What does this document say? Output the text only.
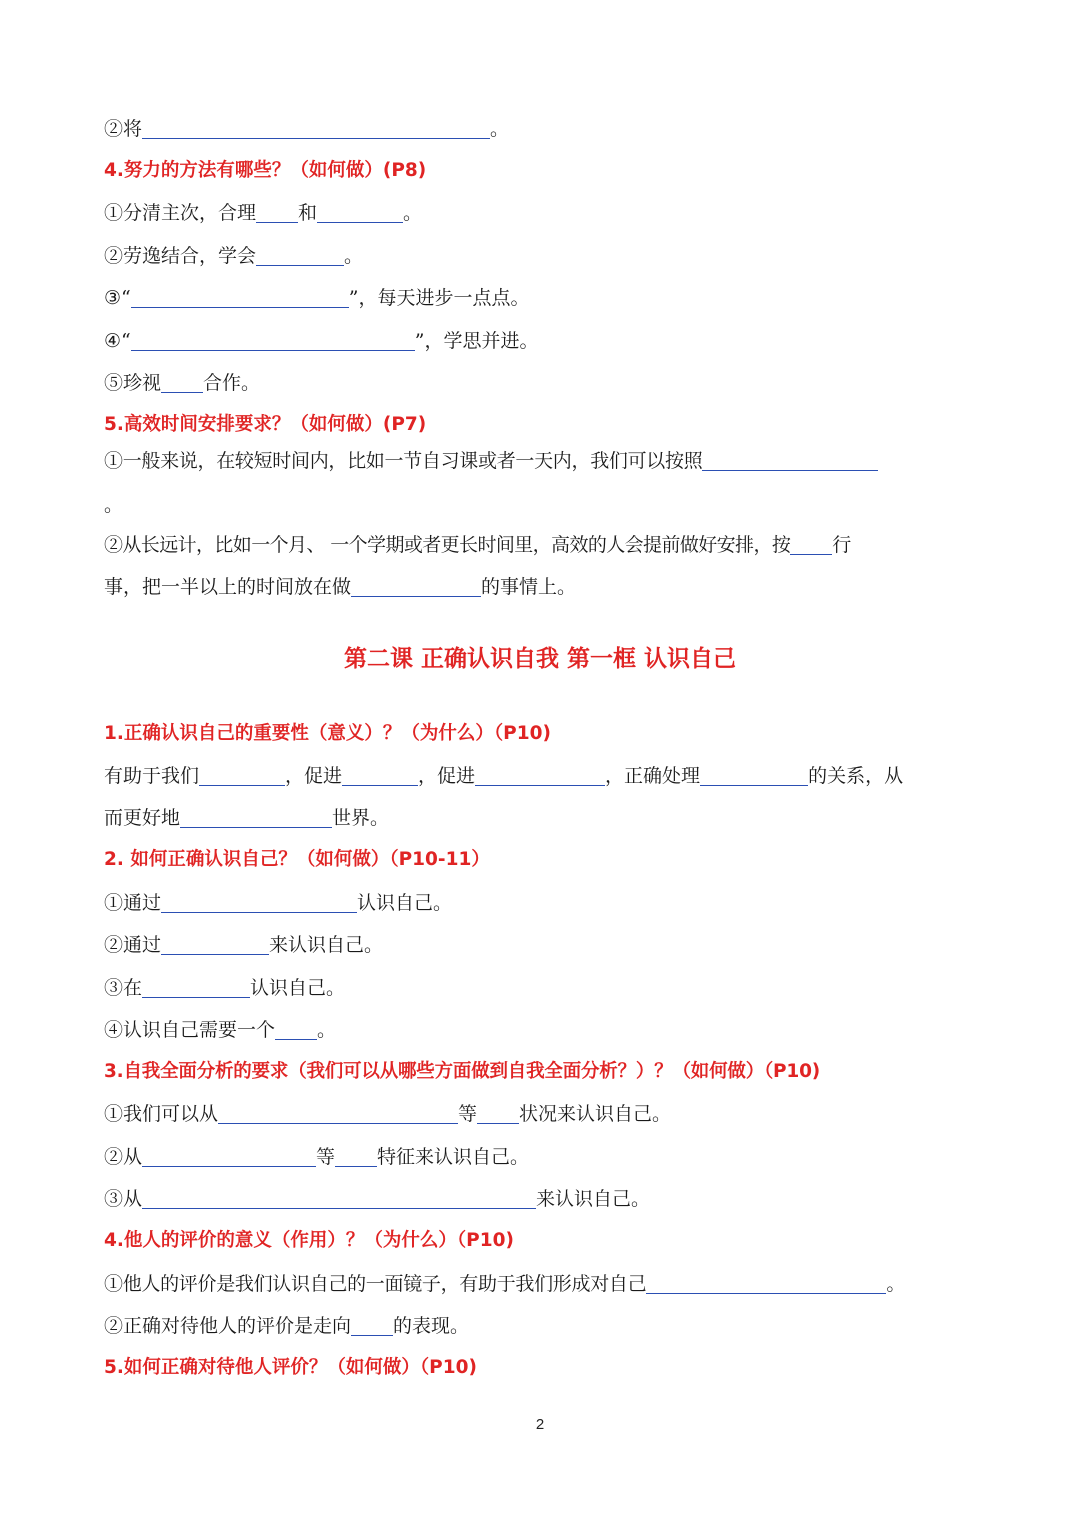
②将	。
4.努力的方法有哪些？（如何做）(P8)
①分清主次，合理 和	。
②劳逸结合，学会	。
③“	”，每天进步一点点。
④“	”，学思并进。
⑤珍视 合作。
5.高效时间安排要求？（如何做）(P7)
①一般来说，在较短时间内，比如一节自习课或者一天内，我们可以按照
。
②从长远计，比如一个月、 一个学期或者更长时间里，高效的人会提前做好安排，按 行
事，把一半以上的时间放在做	的事情上。
第二课 正确认识自我 第一框 认识自己
1.正确认识自己的重要性（意义）？（为什么）（P10)
有助于我们	，促进	，促进	，正确处理	的关系，从
而更好地	世界。
2. 如何正确认识自己？（如何做）（P10-11）
①通过	认识自己。
②通过	来认识自己。
③在	认识自己。
④认识自己需要一个 。
3.自我全面分析的要求（我们可以从哪些方面做到自我全面分析？）？（如何做）（P10)
①我们可以从	等 状况来认识自己。
②从	等 特征来认识自己。
③从	来认识自己。
4.他人的评价的意义（作用）？（为什么）（P10)
①他人的评价是我们认识自己的一面镜子，有助于我们形成对自己	。
②正确对待他人的评价是走向 的表现。
5.如何正确对待他人评价？（如何做）（P10)
2
